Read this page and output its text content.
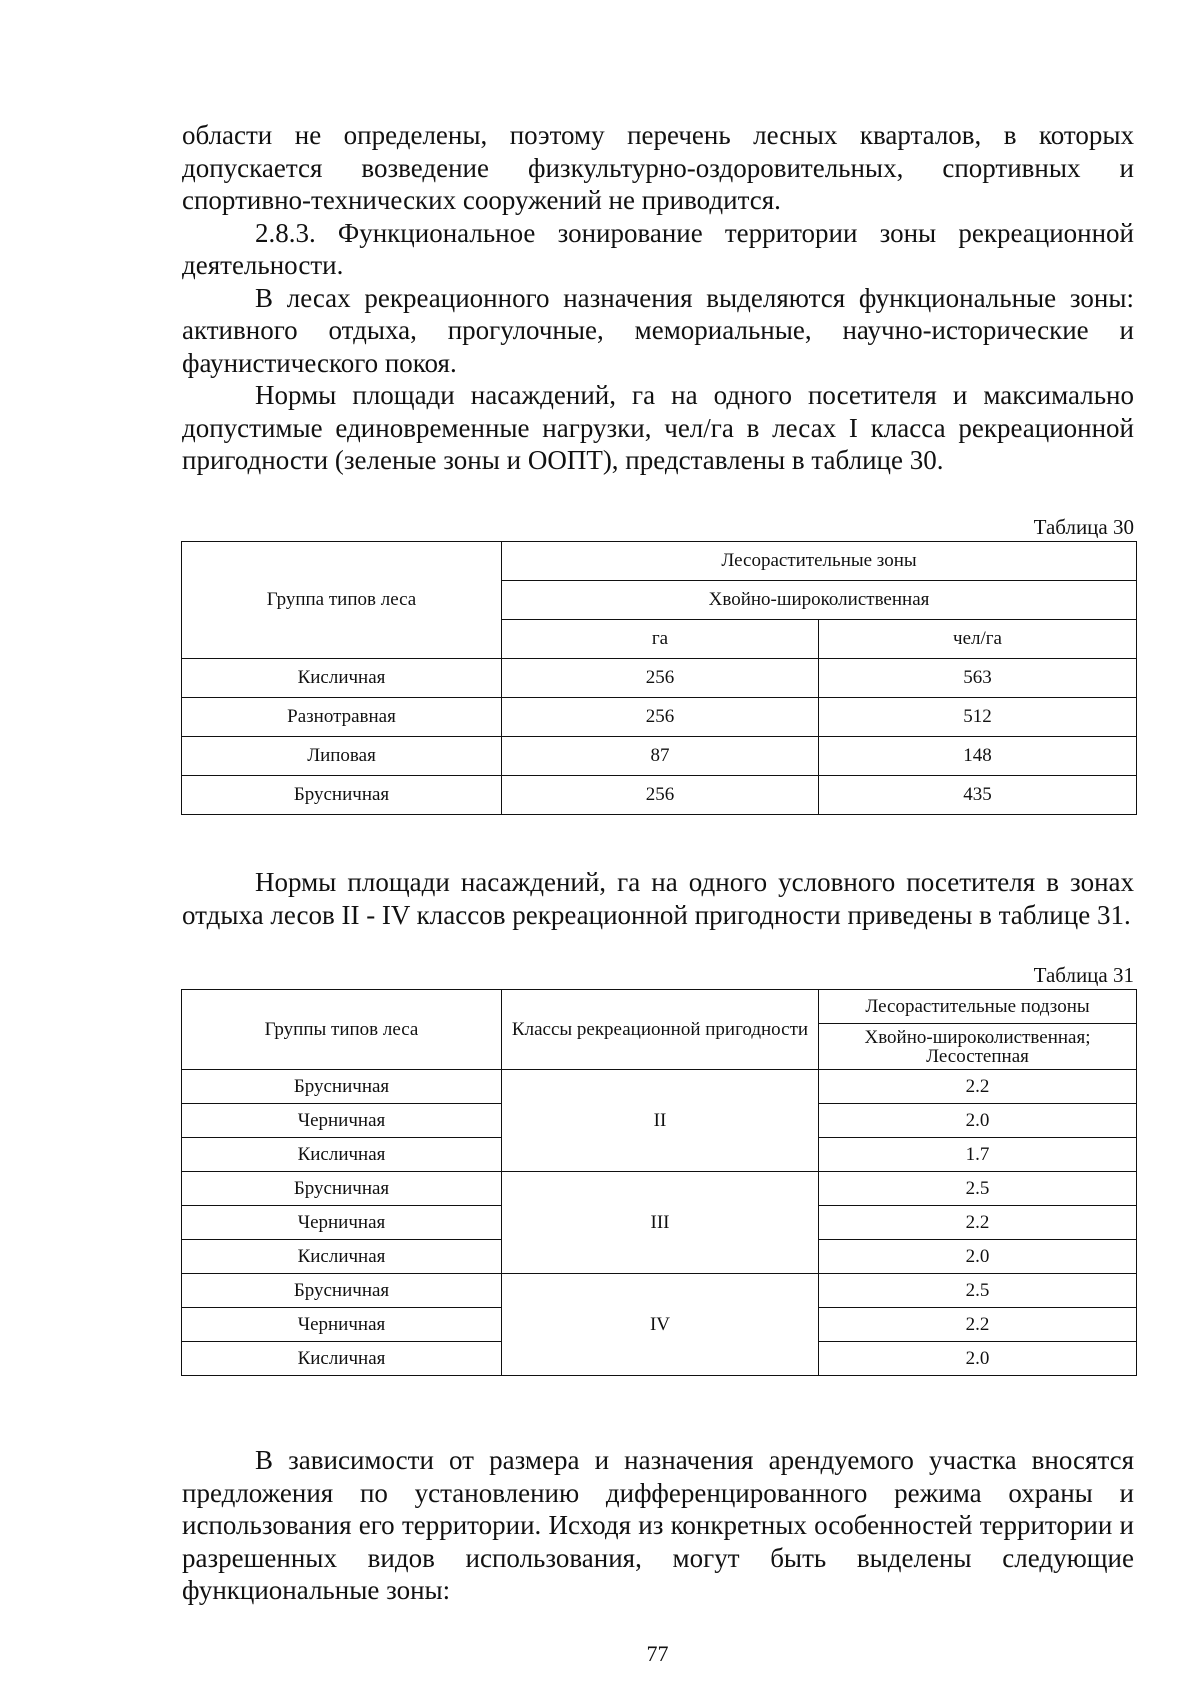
области не определены, поэтому перечень лесных кварталов, в которых допускается возведение физкультурно-оздоровительных, спортивных и спортивно-технических сооружений не приводится.

2.8.3. Функциональное зонирование территории зоны рекреационной деятельности.

В лесах рекреационного назначения выделяются функциональные зоны: активного отдыха, прогулочные, мемориальные, научно-исторические и фаунистического покоя.

Нормы площади насаждений, га на одного посетителя и максимально допустимые единовременные нагрузки, чел/га в лесах I класса рекреационной пригодности (зеленые зоны и ООПТ), представлены в таблице 30.

Таблица 30
Группа типов леса	Лесорастительные зоны	
	Хвойно-широколиственная	
	га	чел/га
Кисличная	256	563
Разнотравная	256	512
Липовая	87	148
Брусничная	256	435

Нормы площади насаждений, га на одного условного посетителя в зонах отдыха лесов II - IV классов рекреационной пригодности приведены в таблице 31.

Таблица 31
Группы типов леса	Классы рекреационной пригодности	Лесорастительные подзоны
		Хвойно-широколиственная; Лесостепная
Брусничная	II	2.2
Черничная		2.0
Кисличная		1.7
Брусничная	III	2.5
Черничная		2.2
Кисличная		2.0
Брусничная	IV	2.5
Черничная		2.2
Кисличная		2.0

В зависимости от размера и назначения арендуемого участка вносятся предложения по установлению дифференцированного режима охраны и использования его территории. Исходя из конкретных особенностей территории и разрешенных видов использования, могут быть выделены следующие функциональные зоны:

77
